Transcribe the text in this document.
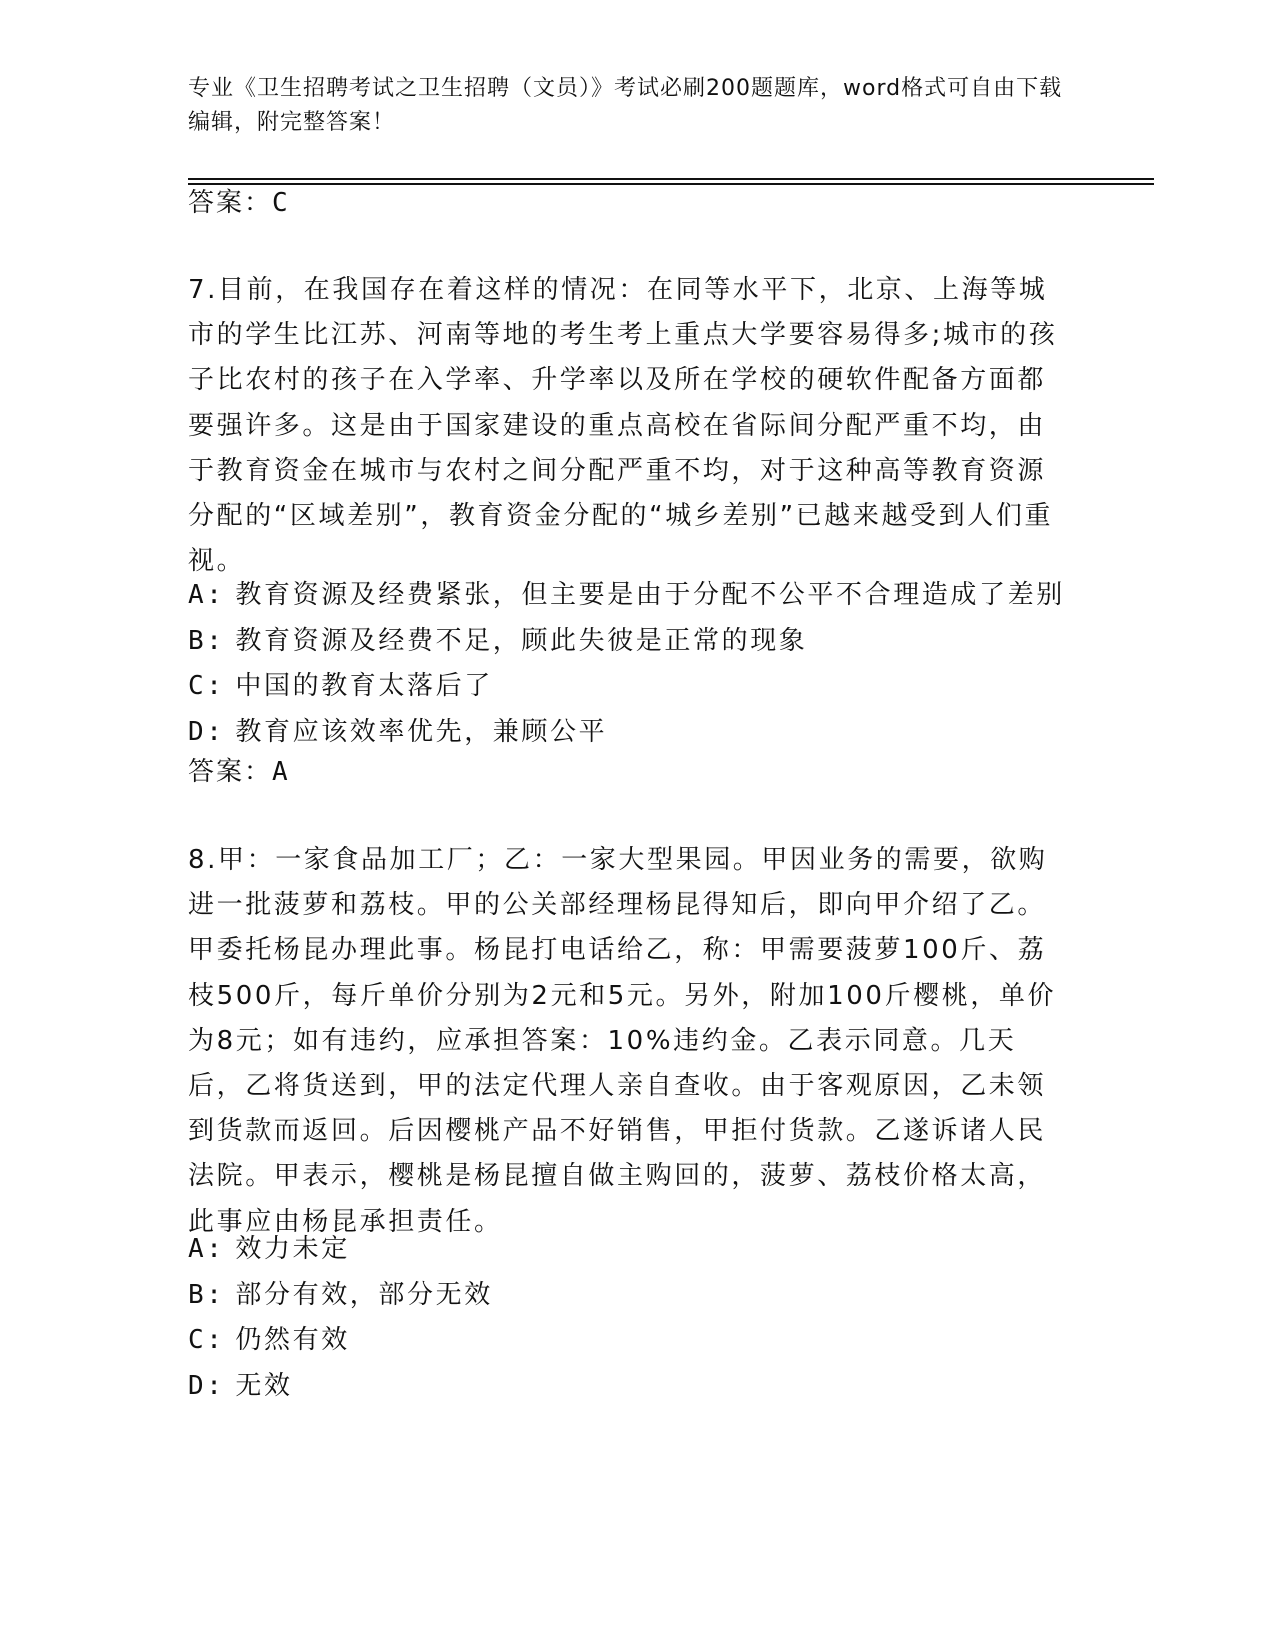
专业《卫生招聘考试之卫生招聘（文员）》考试必刷200题题库，word格式可自由下载编辑，附完整答案！
答案：C

7.目前，在我国存在着这样的情况：在同等水平下，北京、上海等城市的学生比江苏、河南等地的考生考上重点大学要容易得多;城市的孩子比农村的孩子在入学率、升学率以及所在学校的硬软件配备方面都要强许多。这是由于国家建设的重点高校在省际间分配严重不均，由于教育资金在城市与农村之间分配严重不均，对于这种高等教育资源分配的“区域差别”，教育资金分配的“城乡差别”已越来越受到人们重视。

A: 教育资源及经费紧张，但主要是由于分配不公平不合理造成了差别
B: 教育资源及经费不足，顾此失彼是正常的现象
C: 中国的教育太落后了
D: 教育应该效率优先，兼顾公平
答案：A

8.甲：一家食品加工厂；乙：一家大型果园。甲因业务的需要，欲购进一批菠萝和荔枝。甲的公关部经理杨昆得知后，即向甲介绍了乙。甲委托杨昆办理此事。杨昆打电话给乙，称：甲需要菠萝100斤、荔枝500斤，每斤单价分别为2元和5元。另外，附加100斤樱桃，单价为8元；如有违约，应承担答案：10%违约金。乙表示同意。几天后，乙将货送到，甲的法定代理人亲自查收。由于客观原因，乙未领到货款而返回。后因樱桃产品不好销售，甲拒付货款。乙遂诉诸人民法院。甲表示，樱桃是杨昆擅自做主购回的，菠萝、荔枝价格太高，此事应由杨昆承担责任。

A: 效力未定
B: 部分有效，部分无效
C: 仍然有效
D: 无效
